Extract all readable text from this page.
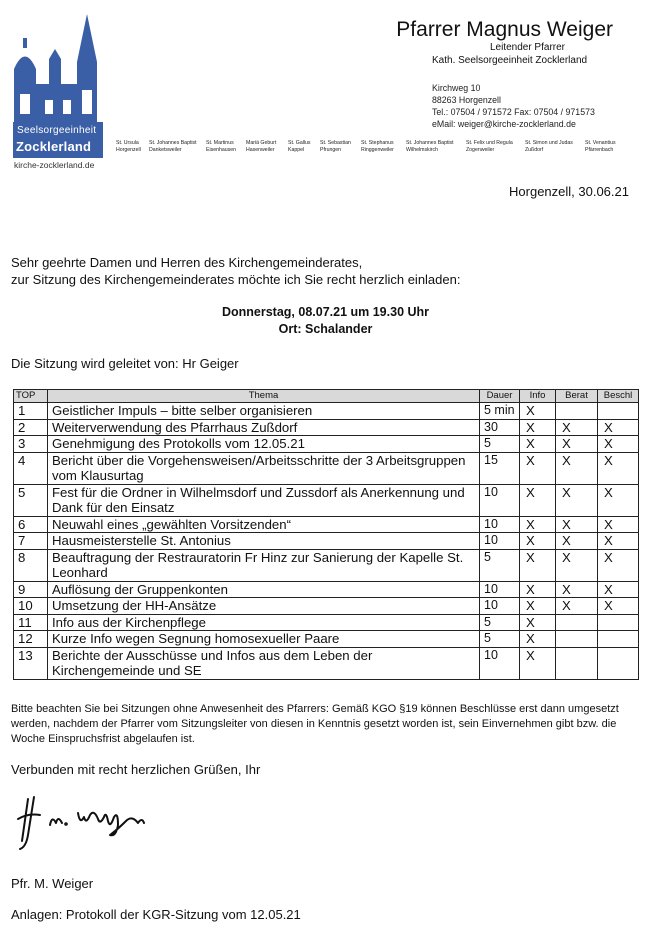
Seelsorgeeinheit
Zocklerland
kirche-zocklerland.de
Pfarrer Magnus Weiger
Leitender Pfarrer
Kath. Seelsorgeeinheit Zocklerland
Kirchweg 10
88263 Horgenzell
Tel.: 07504 / 971572 Fax: 07504 / 971573
eMail: weiger@kirche-zocklerland.de
St. Ursula
Horgenzell
St. Johannes Baptist
Danketsweiler
St. Martinus
Eisenhausen
Mariä Geburt
Hasenweiler
St. Gallus
Kappel
St. Sebastian
Pfrungen
St. Stephanus
Ringgenweiler
St. Johannes Baptist
Wilhelmskirch
St. Felix und Regula
Zogenweiler
St. Simon und Judas
Zußdorf
St. Venantius
Pfärrenbach
Horgenzell, 30.06.21
Sehr geehrte Damen und Herren des Kirchengemeinderates,
zur Sitzung des Kirchengemeinderates möchte ich Sie recht herzlich einladen:
Donnerstag, 08.07.21 um 19.30 Uhr
Ort: Schalander
Die Sitzung wird geleitet von: Hr Geiger
TOP	Thema	Dauer	Info	Berat	Beschl
1	Geistlicher Impuls – bitte selber organisieren	5 min	X		
2	Weiterverwendung des Pfarrhaus Zußdorf	30	X	X	X
3	Genehmigung des Protokolls vom 12.05.21	5	X	X	X
4	Bericht über die Vorgehensweisen/Arbeitsschritte der 3 Arbeitsgruppen vom Klausurtag	15	X	X	X
5	Fest für die Ordner in Wilhelmsdorf und Zussdorf als Anerkennung und Dank für den Einsatz	10	X	X	X
6	Neuwahl eines „gewählten Vorsitzenden“	10	X	X	X
7	Hausmeisterstelle St. Antonius	10	X	X	X
8	Beauftragung der Restrauratorin Fr Hinz zur Sanierung der Kapelle St. Leonhard	5	X	X	X
9	Auflösung der Gruppenkonten	10	X	X	X
10	Umsetzung der HH-Ansätze	10	X	X	X
11	Info aus der Kirchenpflege	5	X		
12	Kurze Info wegen Segnung homosexueller Paare	5	X		
13	Berichte der Ausschüsse und Infos aus dem Leben der Kirchengemeinde und SE	10	X		
Bitte beachten Sie bei Sitzungen ohne Anwesenheit des Pfarrers: Gemäß KGO §19 können Beschlüsse erst dann umgesetzt werden, nachdem der Pfarrer vom Sitzungsleiter von diesen in Kenntnis gesetzt worden ist, sein Einvernehmen gibt bzw. die Woche Einspruchsfrist abgelaufen ist.
Verbunden mit recht herzlichen Grüßen, Ihr
Pfr. M. Weiger
Anlagen: Protokoll der KGR-Sitzung vom 12.05.21
